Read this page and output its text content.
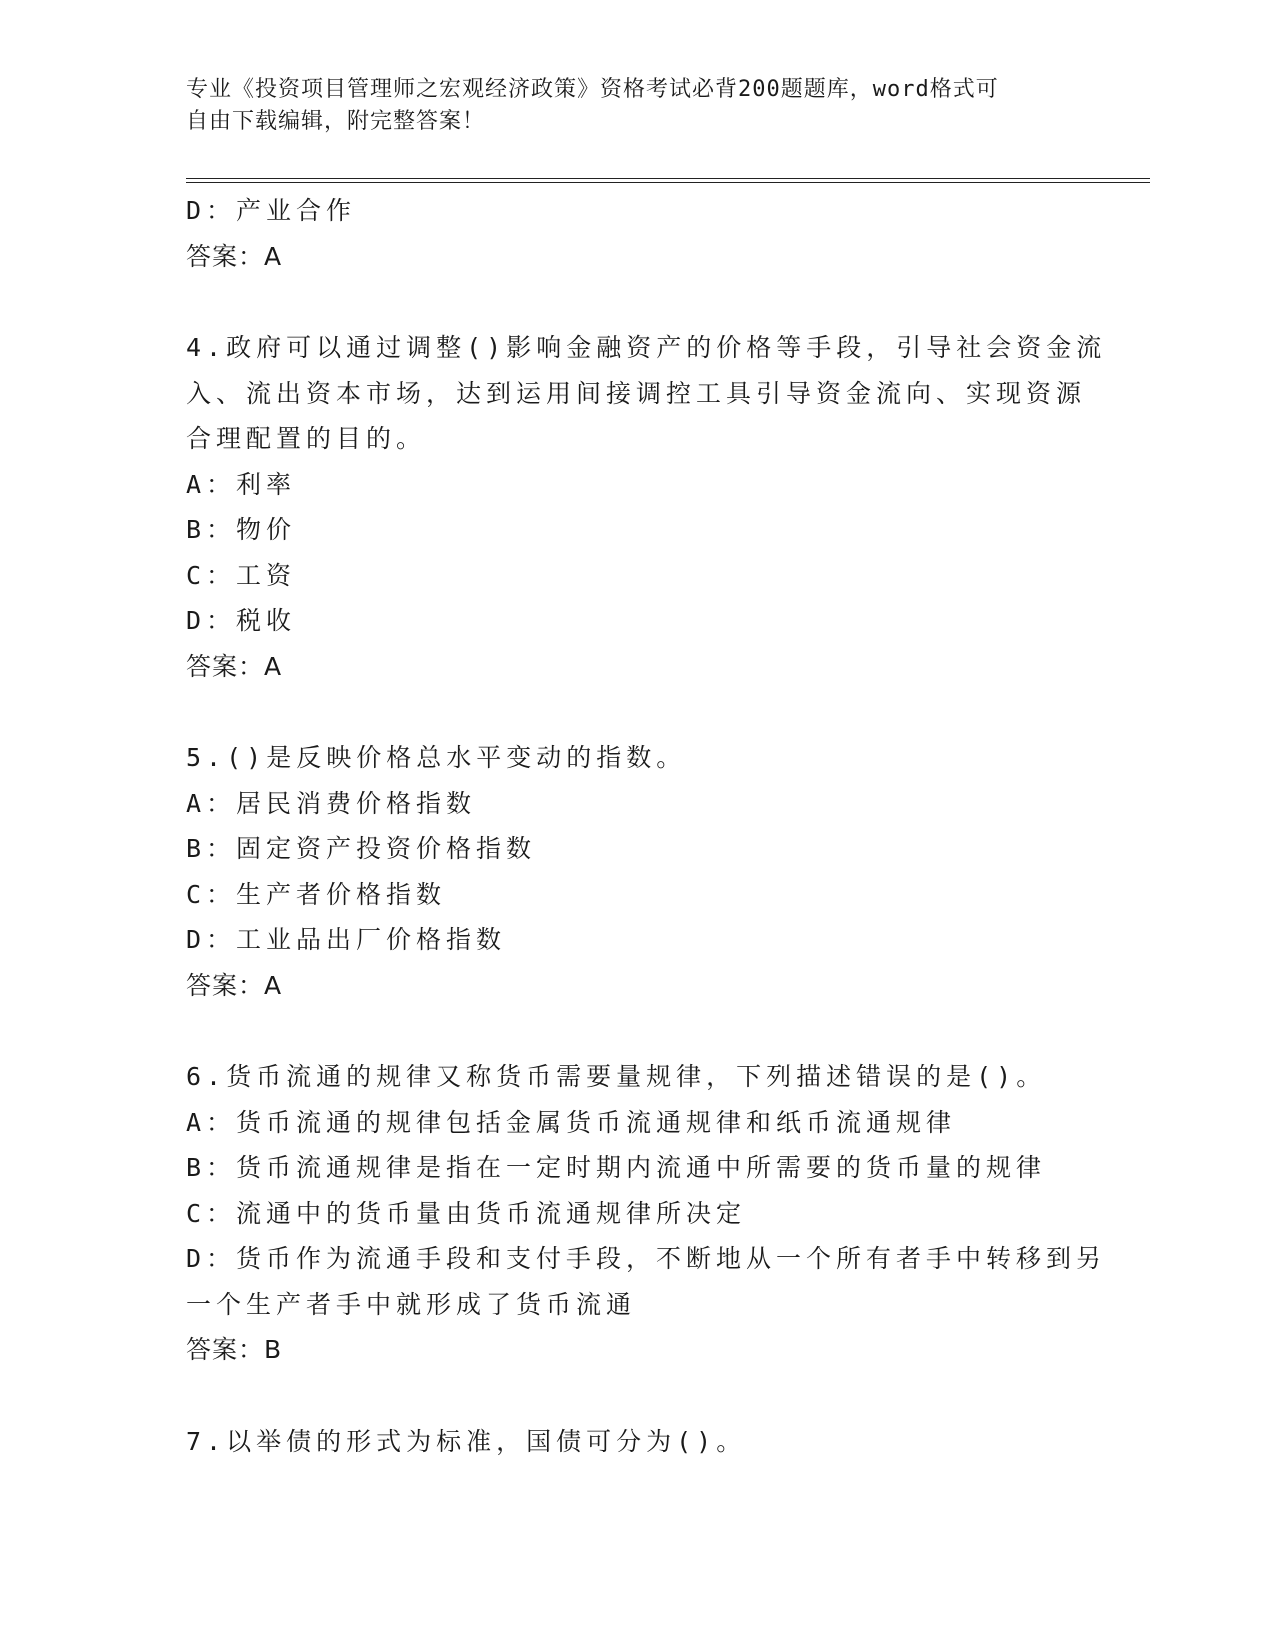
专业《投资项目管理师之宏观经济政策》资格考试必背200题题库，word格式可
自由下载编辑，附完整答案！
D：产业合作
答案：A
4.政府可以通过调整()影响金融资产的价格等手段，引导社会资金流
入、流出资本市场，达到运用间接调控工具引导资金流向、实现资源
合理配置的目的。
A：利率
B：物价
C：工资
D：税收
答案：A
5.()是反映价格总水平变动的指数。
A：居民消费价格指数
B：固定资产投资价格指数
C：生产者价格指数
D：工业品出厂价格指数
答案：A
6.货币流通的规律又称货币需要量规律，下列描述错误的是()。
A：货币流通的规律包括金属货币流通规律和纸币流通规律
B：货币流通规律是指在一定时期内流通中所需要的货币量的规律
C：流通中的货币量由货币流通规律所决定
D：货币作为流通手段和支付手段，不断地从一个所有者手中转移到另
一个生产者手中就形成了货币流通
答案：B
7.以举债的形式为标准，国债可分为()。
